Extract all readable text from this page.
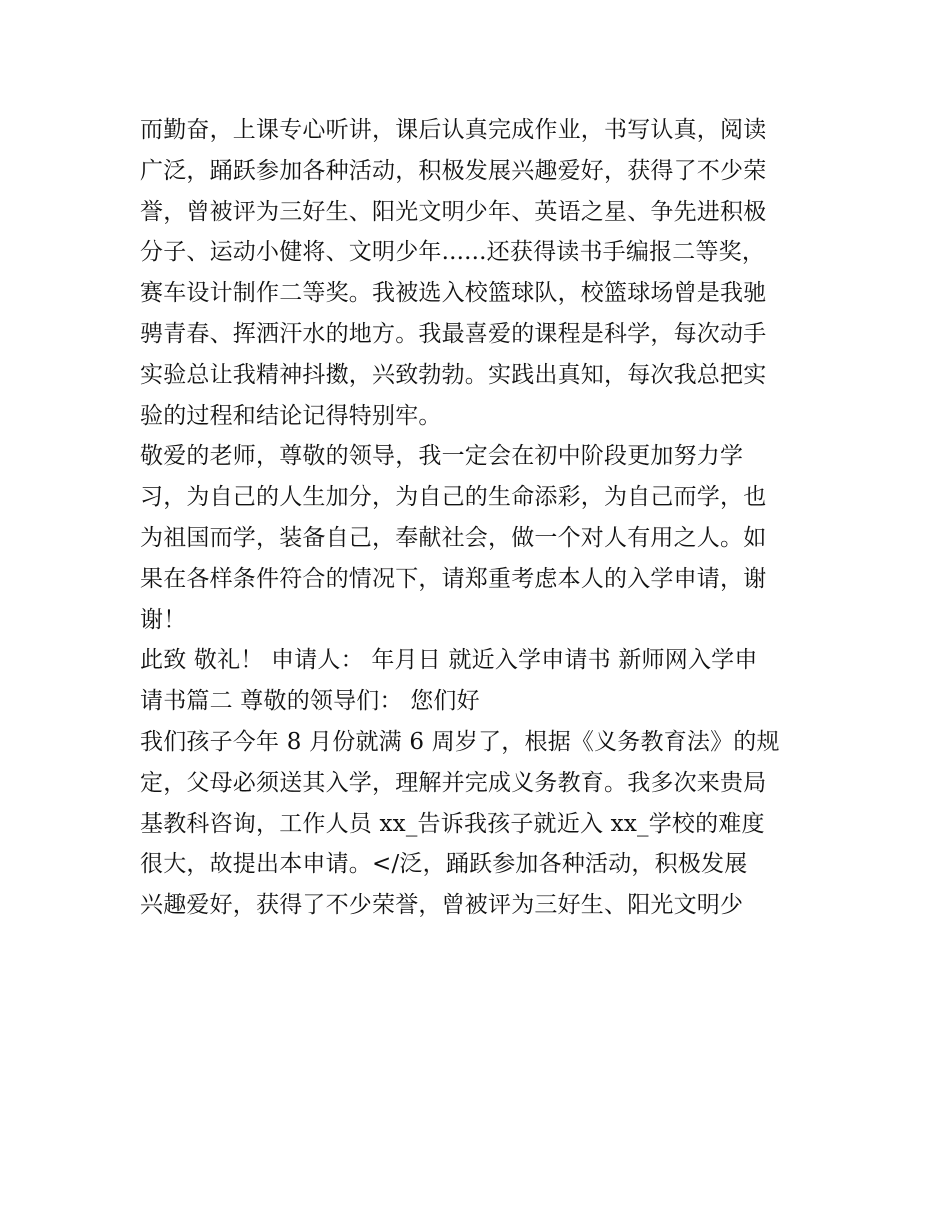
而勤奋，上课专心听讲，课后认真完成作业，书写认真，阅读
广泛，踊跃参加各种活动，积极发展兴趣爱好，获得了不少荣
誉，曾被评为三好生、阳光文明少年、英语之星、争先进积极
分子、运动小健将、文明少年......还获得读书手编报二等奖，
赛车设计制作二等奖。我被选入校篮球队，校篮球场曾是我驰
骋青春、挥洒汗水的地方。我最喜爱的课程是科学，每次动手
实验总让我精神抖擞，兴致勃勃。实践出真知，每次我总把实
验的过程和结论记得特别牢。
敬爱的老师，尊敬的领导，我一定会在初中阶段更加努力学
习，为自己的人生加分，为自己的生命添彩，为自己而学，也
为祖国而学，装备自己，奉献社会，做一个对人有用之人。如
果在各样条件符合的情况下，请郑重考虑本人的入学申请，谢
谢！
此致 敬礼！ 申请人： 年月日 就近入学申请书 新师网入学申
请书篇二 尊敬的领导们： 您们好
我们孩子今年 8 月份就满 6 周岁了，根据《义务教育法》的规
定，父母必须送其入学，理解并完成义务教育。我多次来贵局
基教科咨询，工作人员 xx_告诉我孩子就近入 xx_学校的难度
很大，故提出本申请。</泛，踊跃参加各种活动，积极发展
兴趣爱好，获得了不少荣誉，曾被评为三好生、阳光文明少
